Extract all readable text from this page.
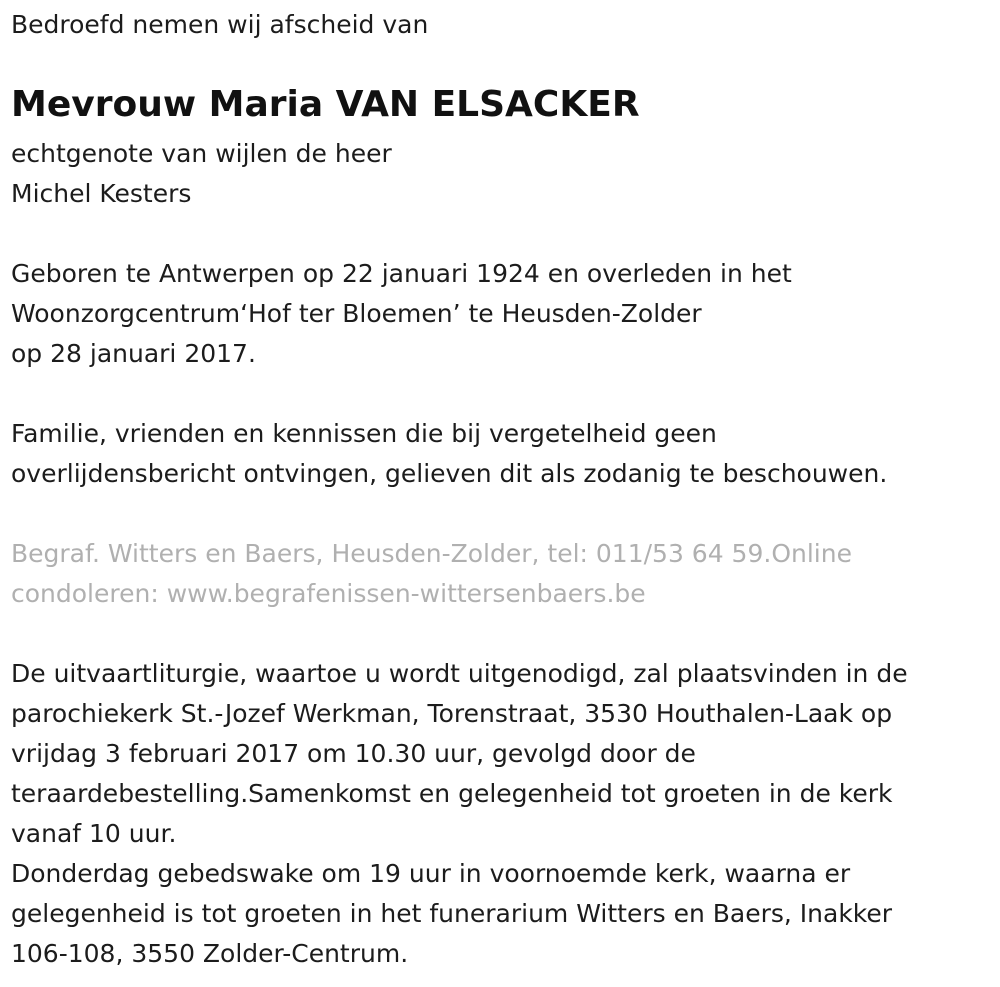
Bedroefd nemen wij afscheid van

Mevrouw Maria VAN ELSACKER

echtgenote van wijlen de heer

Michel Kesters

Geboren te Antwerpen op 22 januari 1924 en overleden in het

Woonzorgcentrum‘Hof ter Bloemen’ te Heusden-Zolder

op 28 januari 2017.

Familie, vrienden en kennissen die bij vergetelheid geen

overlijdensbericht ontvingen, gelieven dit als zodanig te beschouwen.

Begraf. Witters en Baers, Heusden-Zolder, tel: 011/53 64 59.Online

condoleren: www.begrafenissen-wittersenbaers.be

De uitvaartliturgie, waartoe u wordt uitgenodigd, zal plaatsvinden in de

parochiekerk St.-Jozef Werkman, Torenstraat, 3530 Houthalen-Laak op

vrijdag 3 februari 2017 om 10.30 uur, gevolgd door de

teraardebestelling.Samenkomst en gelegenheid tot groeten in de kerk

vanaf 10 uur.

Donderdag gebedswake om 19 uur in voornoemde kerk, waarna er

gelegenheid is tot groeten in het funerarium Witters en Baers, Inakker

106-108, 3550 Zolder-Centrum.
